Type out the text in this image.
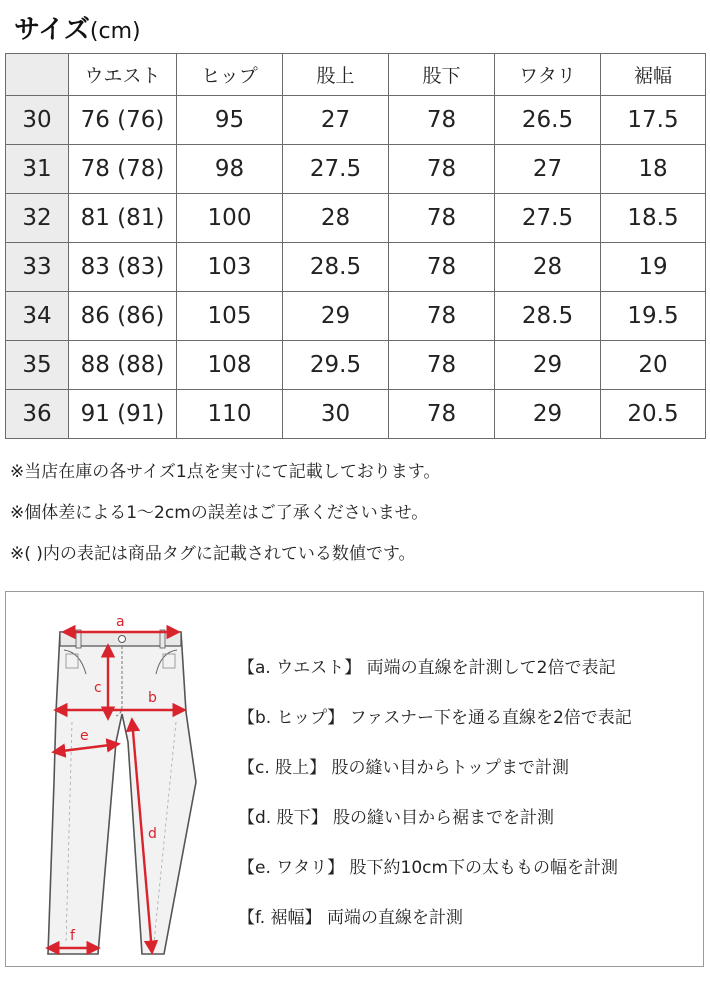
サイズ(cm)
	ウエスト	ヒップ	股上	股下	ワタリ	裾幅
30	76 (76)	95	27	78	26.5	17.5
31	78 (78)	98	27.5	78	27	18
32	81 (81)	100	28	78	27.5	18.5
33	83 (83)	103	28.5	78	28	19
34	86 (86)	105	29	78	28.5	19.5
35	88 (88)	108	29.5	78	29	20
36	91 (91)	110	30	78	29	20.5
※当店在庫の各サイズ1点を実寸にて記載しております。
※個体差による1〜2cmの誤差はご了承くださいませ。
※( )内の表記は商品タグに記載されている数値です。
a
c
b
e
d
f
【a. ウエスト】 両端の直線を計測して2倍で表記
【b. ヒップ】 ファスナー下を通る直線を2倍で表記
【c. 股上】 股の縫い目からトップまで計測
【d. 股下】 股の縫い目から裾までを計測
【e. ワタリ】 股下約10cm下の太ももの幅を計測
【f. 裾幅】 両端の直線を計測
